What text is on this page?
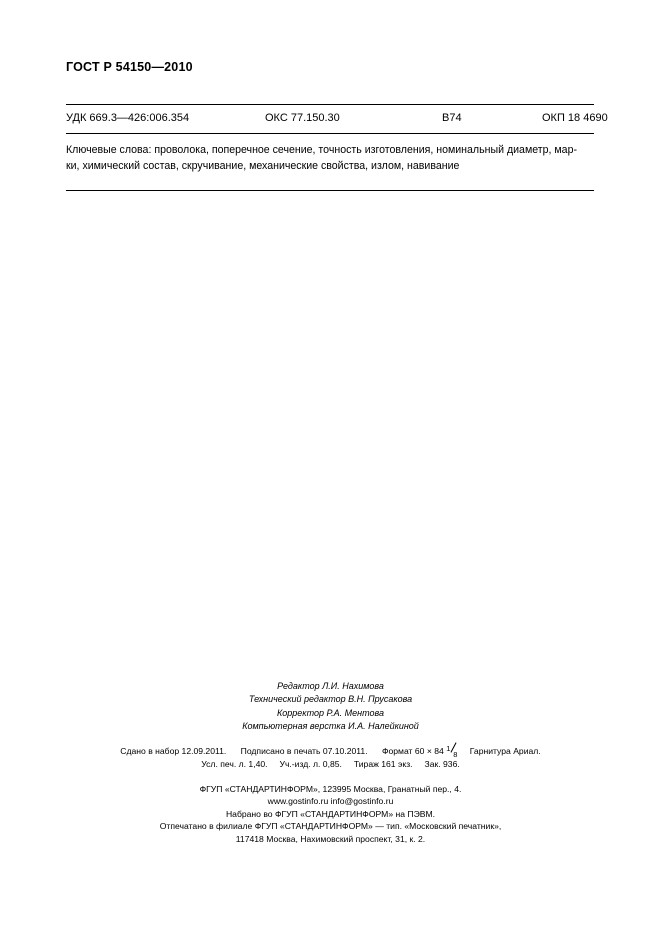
ГОСТ Р 54150—2010
УДК 669.3—426:006.354	ОКС 77.150.30	В74	ОКП 18 4690
Ключевые слова: проволока, поперечное сечение, точность изготовления, номинальный диаметр, мар-
ки, химический состав, скручивание, механические свойства, излом, навивание
Редактор Л.И. Нахимова
Технический редактор В.Н. Прусакова
Корректор Р.А. Ментова
Компьютерная верстка И.А. Налейкиной
Сдано в набор 12.09.2011. Подписано в печать 07.10.2011. Формат 60 × 84 1
8 Гарнитура Ариал.
Усл. печ. л. 1,40. Уч.-изд. л. 0,85. Тираж 161 экз. Зак. 936.
ФГУП «СТАНДАРТИНФОРМ», 123995 Москва, Гранатный пер., 4.
www.gostinfo.ru info@gostinfo.ru
Набрано во ФГУП «СТАНДАРТИНФОРМ» на ПЭВМ.
Отпечатано в филиале ФГУП «СТАНДАРТИНФОРМ» — тип. «Московский печатник»,
117418 Москва, Нахимовский проспект, 31, к. 2.
